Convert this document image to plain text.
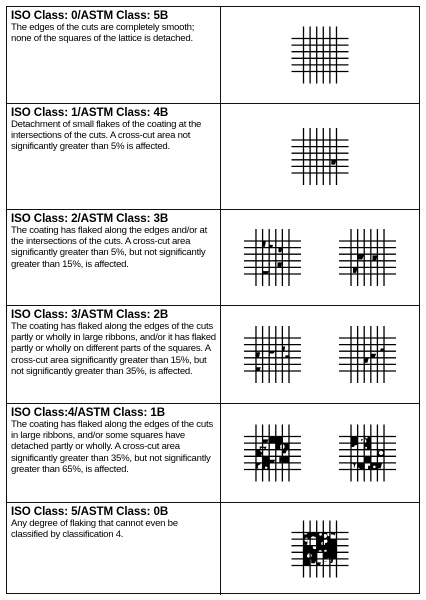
ISO Class: 0/ASTM Class: 5B
The edges of the cuts are completely smooth; none of the squares of the lattice is detached.
ISO Class: 1/ASTM Class: 4B
Detachment of small flakes of the coating at the intersections of the cuts. A cross-cut area not significantly greater than 5% is affected.
ISO Class: 2/ASTM Class: 3B
The coating has flaked along the edges and/or at the intersections of the cuts. A cross-cut area significantly greater than 5%, but not significantly greater than 15%, is affected.
ISO Class: 3/ASTM Class: 2B
The coating has flaked along the edges of the cuts partly or wholly in large ribbons, and/or it has flaked partly or wholly on different parts of the squares. A cross-cut area significantly greater than 15%, but not significantly greater than 35%, is affected.
ISO Class:4/ASTM Class: 1B
The coating has flaked along the edges of the cuts in large ribbons, and/or some squares have detached partly or wholly. A cross-cut area significantly greater than 35%, but not significantly greater than 65%, is affected.
ISO Class: 5/ASTM Class: 0B
Any degree of flaking that cannot even be classified by classification 4.
